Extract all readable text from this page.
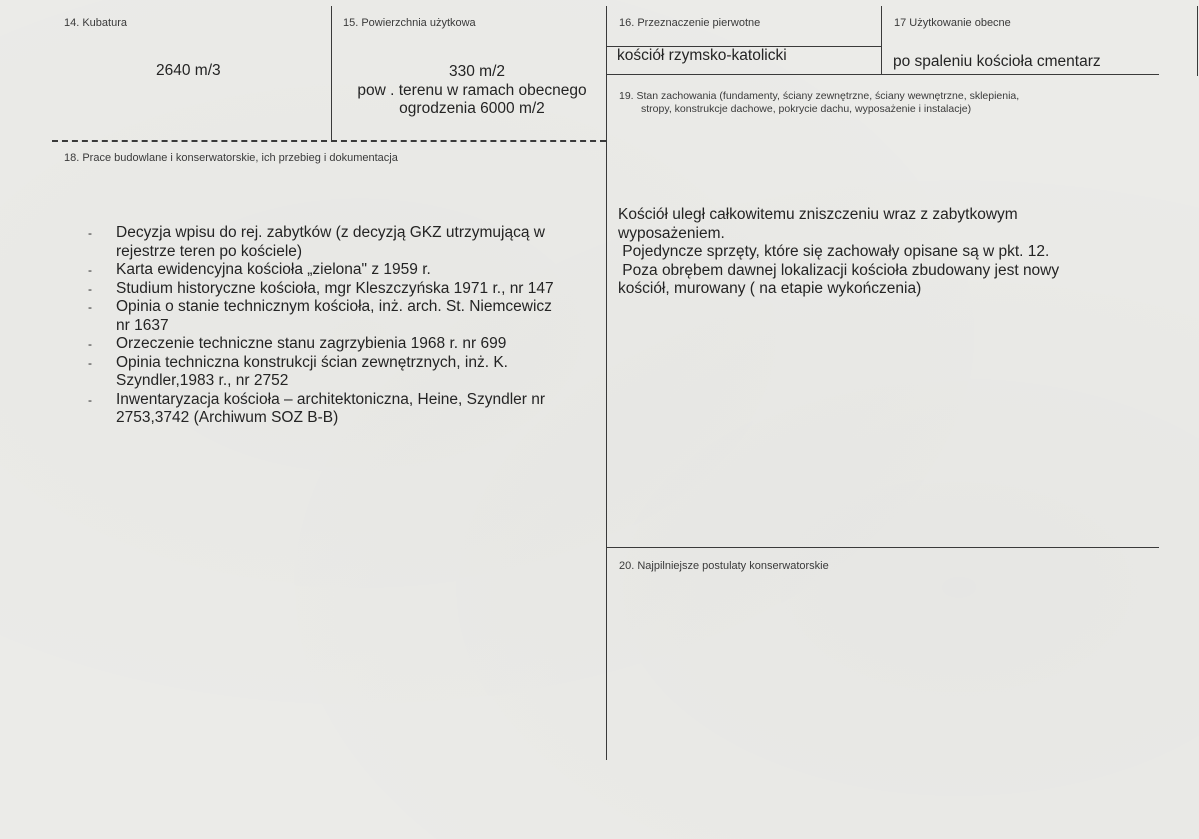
14. Kubatura
2640 m/3
15. Powierzchnia użytkowa
330 m/2
pow . terenu w ramach obecnego
ogrodzenia 6000 m/2
16. Przeznaczenie pierwotne
kościół rzymsko-katolicki
17 Użytkowanie obecne
po spaleniu kościoła cmentarz
18. Prace budowlane i konserwatorskie, ich przebieg i dokumentacja
- Decyzja wpisu do rej. zabytków (z decyzją GKZ utrzymującą w
rejestrze teren po kościele)
- Karta ewidencyjna kościoła „zielona" z 1959 r.
- Studium historyczne kościoła, mgr Kleszczyńska 1971 r., nr 147
- Opinia o stanie technicznym kościoła, inż. arch. St. Niemcewicz
nr 1637
- Orzeczenie techniczne stanu zagrzybienia 1968 r. nr 699
- Opinia techniczna konstrukcji ścian zewnętrznych, inż. K.
Szyndler,1983 r., nr 2752
- Inwentaryzacja kościoła – architektoniczna, Heine, Szyndler nr
2753,3742 (Archiwum SOZ B-B)
19. Stan zachowania (fundamenty, ściany zewnętrzne, ściany wewnętrzne, sklepienia,
stropy, konstrukcje dachowe, pokrycie dachu, wyposażenie i instalacje)
Kościół uległ całkowitemu zniszczeniu wraz z zabytkowym
wyposażeniem.
Pojedyncze sprzęty, które się zachowały opisane są w pkt. 12.
Poza obrębem dawnej lokalizacji kościoła zbudowany jest nowy
kościół, murowany ( na etapie wykończenia)
20. Najpilniejsze postulaty konserwatorskie
